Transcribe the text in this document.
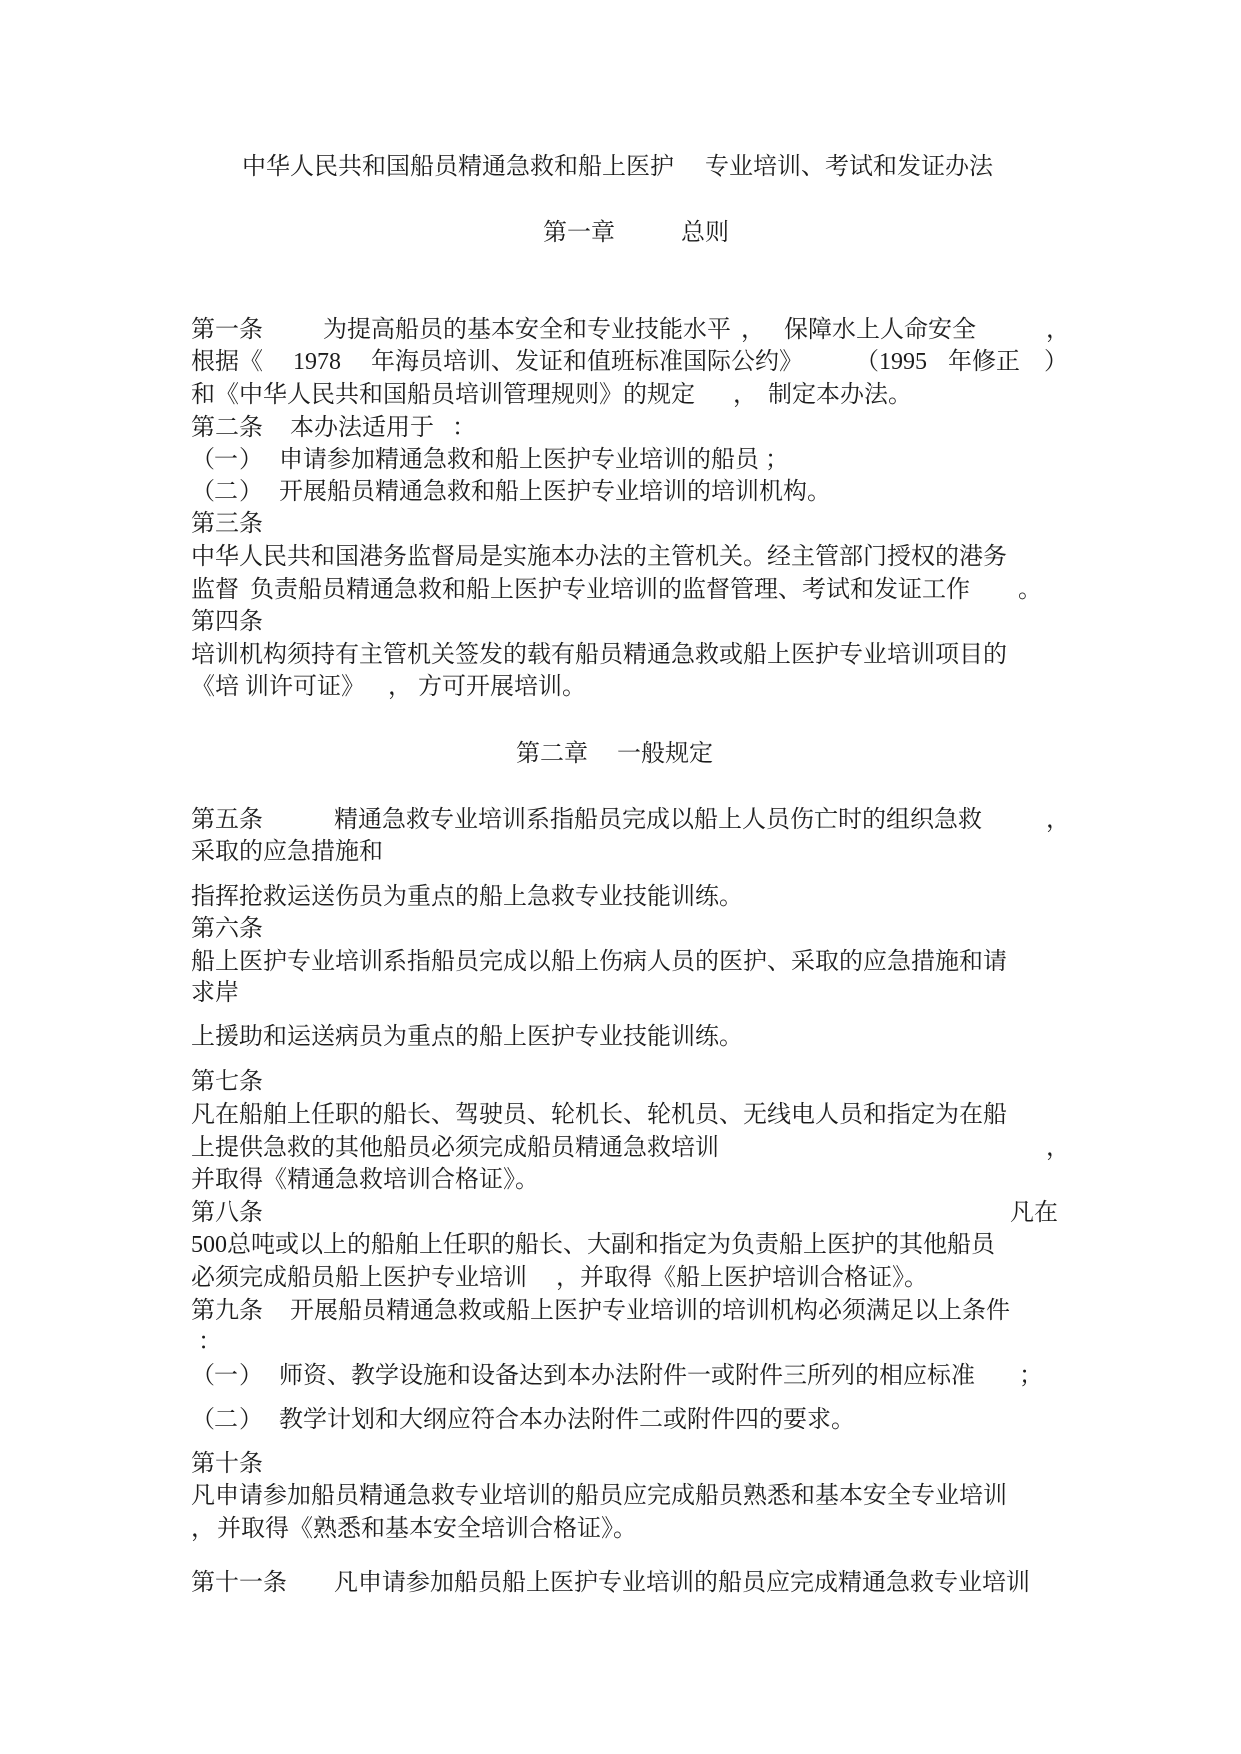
中华人民共和国船员精通急救和船上医护 专业培训、考试和发证办法
第一章	总则
第一条	为提高船员的基本安全和专业技能水平 ， 保障水上人命安全	，
根据《 1978 年海员培训、发证和值班标准国际公约》 （1995 年修正 ）
和《中华人民共和国船员培训管理规则》的规定 ， 制定本办法。
第二条 本办法适用于 ：
（ 一 ） 申请参加精通急救和船上医护专业培训的船员 ；
（ 二 ） 开展船员精通急救和船上医护专业培训的培训机构。
第三条
中华人民共和国港务监督局是实施本办法的主管机关。经主管部门授权的港务
监督 负责船员精通急救和船上医护专业培训的监督管理、考试和发证工作 。
第四条
培训机构须持有主管机关签发的载有船员精通急救或船上医护专业培训项目的
《培 训许可证》 ， 方可开展培训。
第二章 一般规定
第五条	精通急救专业培训系指船员完成以船上人员伤亡时的组织急救	，
采取的应急措施和
指挥抢救运送伤员为重点的船上急救专业技能训练。
第六条
船上医护专业培训系指船员完成以船上伤病人员的医护、采取的应急措施和请
求岸
上援助和运送病员为重点的船上医护专业技能训练。
第七条
凡在船舶上任职的船长、驾驶员、轮机长、轮机员、无线电人员和指定为在船
上提供急救的其他船员必须完成船员精通急救培训	，
并取得《精通急救培训合格证》。
第八条	凡在
500总吨或以上的船舶上任职的船长、大副和指定为负责船上医护的其他船员
必须完成船员船上医护专业培训 ， 并取得《船上医护培训合格证》。
第九条 开展船员精通急救或船上医护专业培训的培训机构必须满足以上条件
：
（ 一 ） 师资、教学设施和设备达到本办法附件一或附件三所列的相应标准 ；
（ 二 ） 教学计划和大纲应符合本办法附件二或附件四的要求。
第十条
凡申请参加船员精通急救专业培训的船员应完成船员熟悉和基本安全专业培训
， 并取得《熟悉和基本安全培训合格证》。
第十一条 凡申请参加船员船上医护专业培训的船员应完成精通急救专业培训
